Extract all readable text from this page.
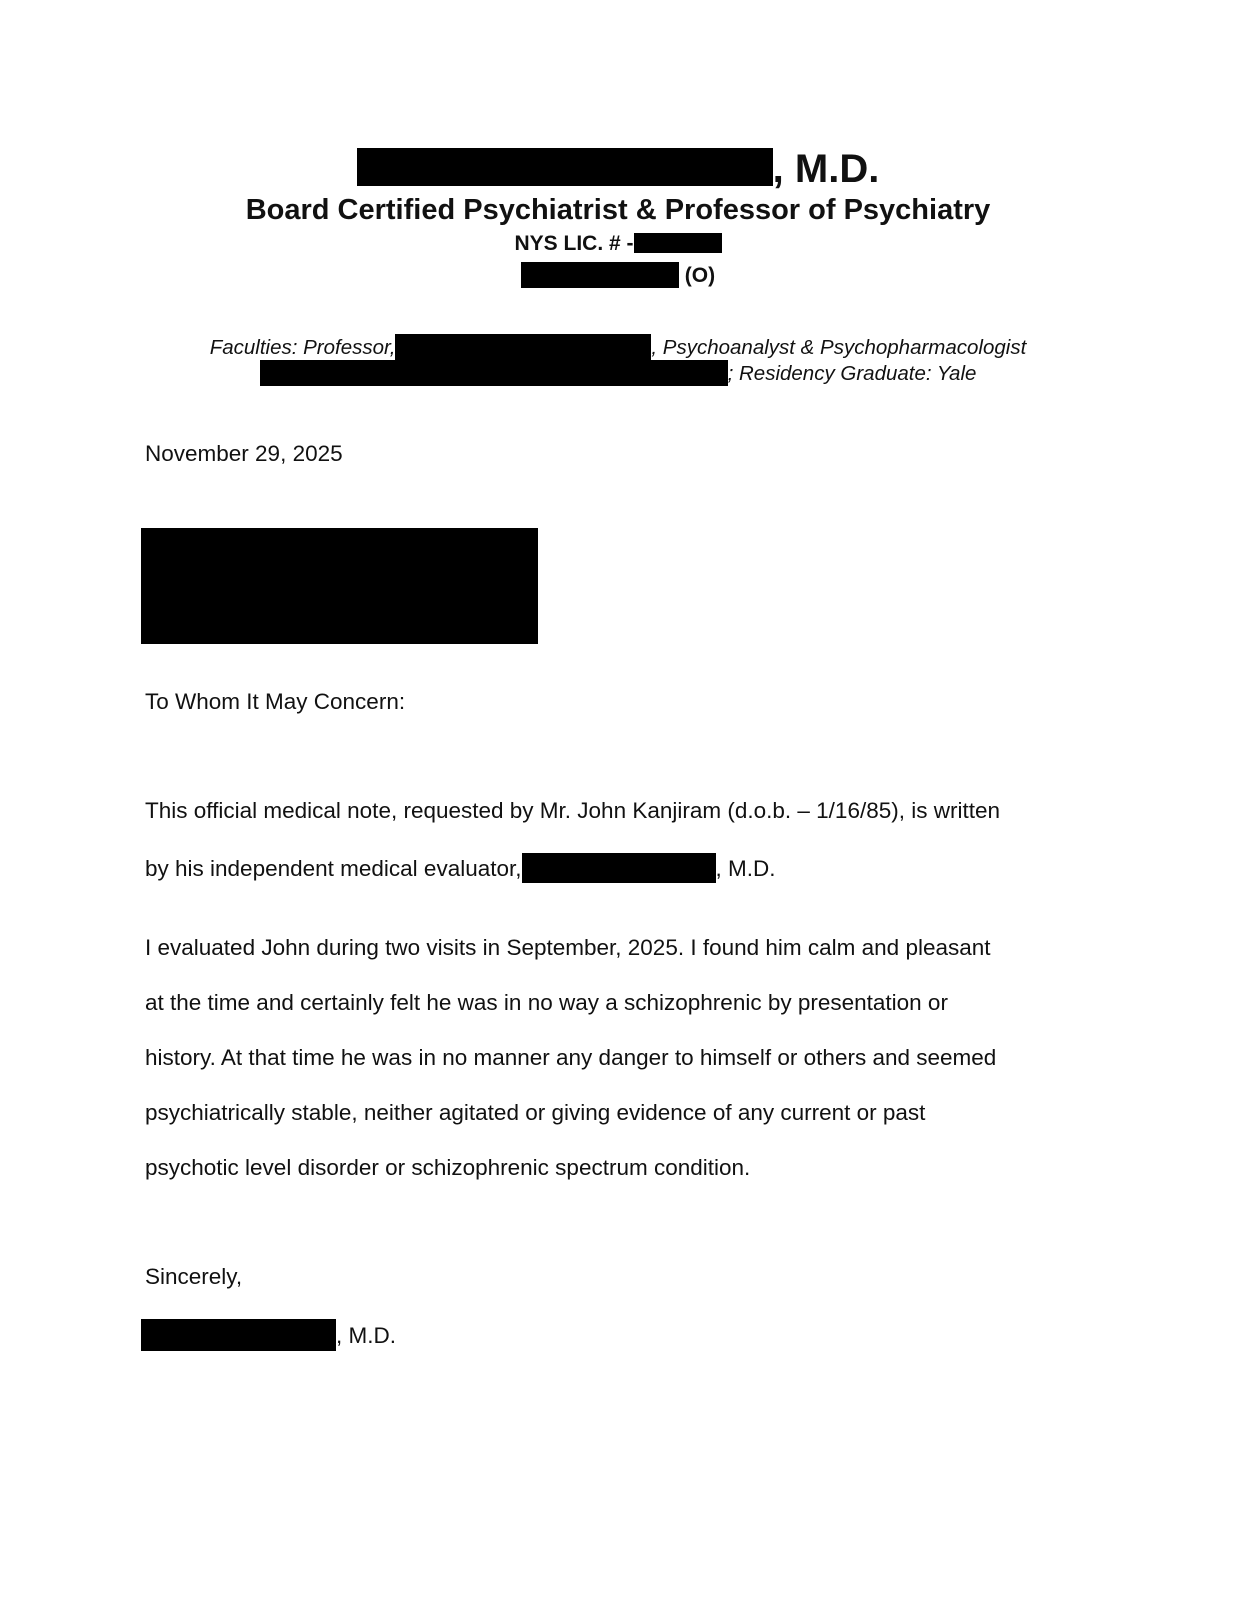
, M.D.
Board Certified Psychiatrist & Professor of Psychiatry
NYS LIC. # -
(O)
Faculties: Professor,	, Psychoanalyst & Psychopharmacologist
; Residency Graduate: Yale
November 29, 2025
To Whom It May Concern:
This official medical note, requested by Mr. John Kanjiram (d.o.b. – 1/16/85), is written
by his independent medical evaluator,	, M.D.
I evaluated John during two visits in September, 2025. I found him calm and pleasant
at the time and certainly felt he was in no way a schizophrenic by presentation or
history. At that time he was in no manner any danger to himself or others and seemed
psychiatrically stable, neither agitated or giving evidence of any current or past
psychotic level disorder or schizophrenic spectrum condition.
Sincerely,
, M.D.
